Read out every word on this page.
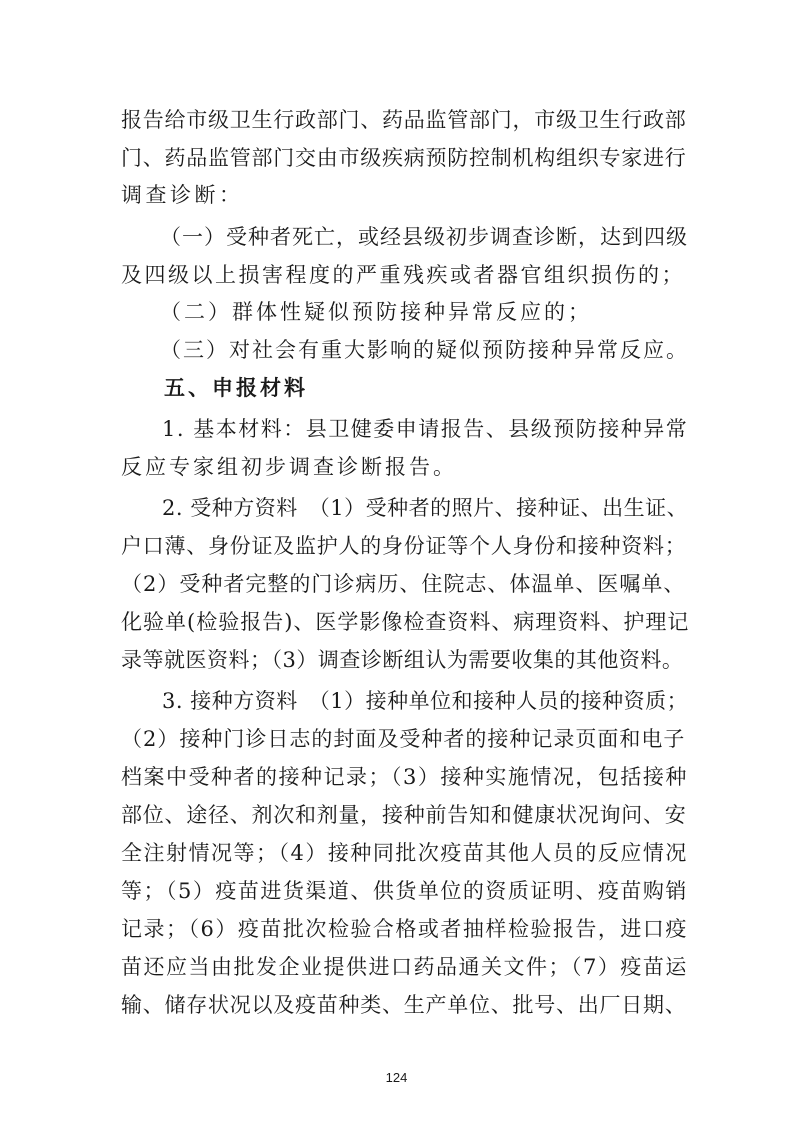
报告给市级卫生行政部门、药品监管部门，市级卫生行政部
门、药品监管部门交由市级疾病预防控制机构组织专家进行
调查诊断：
（一）受种者死亡，或经县级初步调查诊断，达到四级
及四级以上损害程度的严重残疾或者器官组织损伤的；
（二）群体性疑似预防接种异常反应的；
（三）对社会有重大影响的疑似预防接种异常反应。
五、申报材料
1. 基本材料：县卫健委申请报告、县级预防接种异常
反应专家组初步调查诊断报告。
2. 受种方资料　（1）受种者的照片、接种证、出生证、
户口薄、身份证及监护人的身份证等个人身份和接种资料；
（2）受种者完整的门诊病历、住院志、体温单、医嘱单、
化验单(检验报告)、医学影像检查资料、病理资料、护理记
录等就医资料；（3）调查诊断组认为需要收集的其他资料。
3. 接种方资料　（1）接种单位和接种人员的接种资质；
（2）接种门诊日志的封面及受种者的接种记录页面和电子
档案中受种者的接种记录；（3）接种实施情况，包括接种
部位、途径、剂次和剂量，接种前告知和健康状况询问、安
全注射情况等；（4）接种同批次疫苗其他人员的反应情况
等；（5）疫苗进货渠道、供货单位的资质证明、疫苗购销
记录；（6）疫苗批次检验合格或者抽样检验报告，进口疫
苗还应当由批发企业提供进口药品通关文件；（7）疫苗运
输、储存状况以及疫苗种类、生产单位、批号、出厂日期、
124
